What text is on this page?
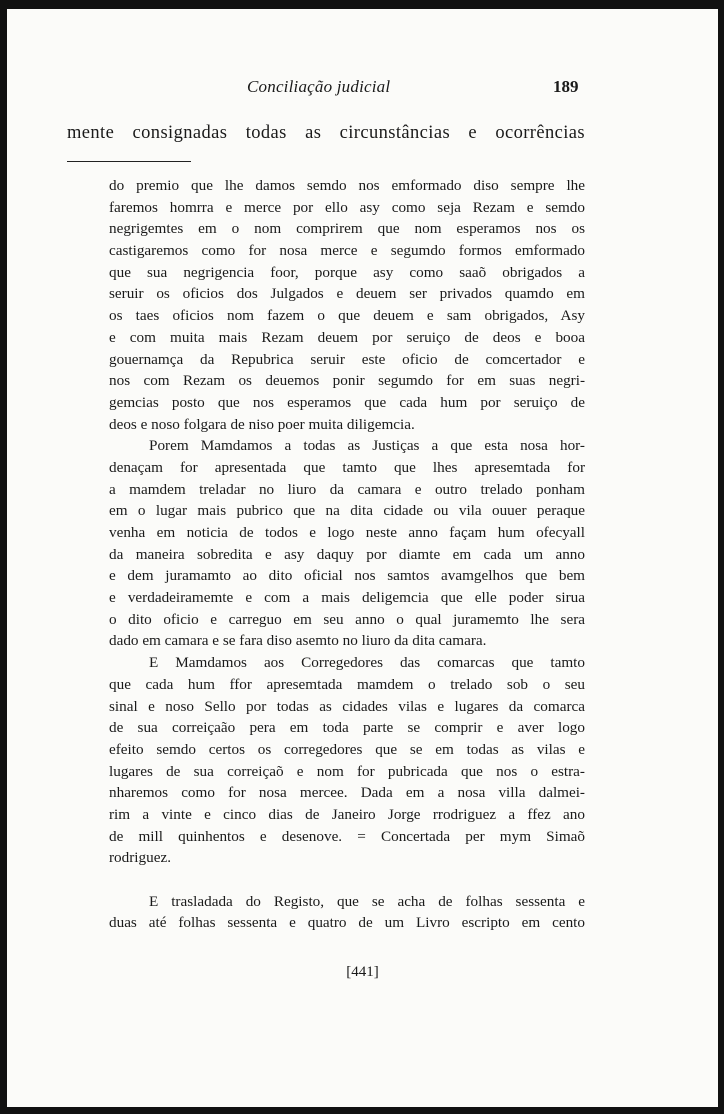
Conciliação judicial	189
mente consignadas todas as circunstâncias e ocorrências

do premio que lhe damos semdo nos emformado diso sempre lhe
faremos homrra e merce por ello asy como seja Rezam e semdo
negrigemtes em o nom comprirem que nom esperamos nos os
castigaremos como for nosa merce e segumdo formos emformado
que sua negrigencia foor, porque asy como saaõ obrigados a
seruir os oficios dos Julgados e deuem ser privados quamdo em
os taes oficios nom fazem o que deuem e sam obrigados, Asy
e com muita mais Rezam deuem por seruiço de deos e booa
gouernamça da Repubrica seruir este oficio de comcertador e
nos com Rezam os deuemos ponir segumdo for em suas negri-
gemcias posto que nos esperamos que cada hum por seruiço de
deos e noso folgara de niso poer muita diligemcia.

Porem Mamdamos a todas as Justiças a que esta nosa hor-
denaçam for apresentada que tamto que lhes apresemtada for
a mamdem treladar no liuro da camara e outro trelado ponham
em o lugar mais pubrico que na dita cidade ou vila ouuer peraque
venha em noticia de todos e logo neste anno façam hum ofecyall
da maneira sobredita e asy daquy por diamte em cada um anno
e dem juramamto ao dito oficial nos samtos avamgelhos que bem
e verdadeiramemte e com a mais deligemcia que elle poder sirua
o dito oficio e carreguo em seu anno o qual juramemto lhe sera
dado em camara e se fara diso asemto no liuro da dita camara.

E Mamdamos aos Corregedores das comarcas que tamto
que cada hum ffor apresemtada mamdem o trelado sob o seu
sinal e noso Sello por todas as cidades vilas e lugares da comarca
de sua correiçaão pera em toda parte se comprir e aver logo
efeito semdo certos os corregedores que se em todas as vilas e
lugares de sua correiçaõ e nom for pubricada que nos o estra-
nharemos como for nosa mercee. Dada em a nosa villa dalmei-
rim a vinte e cinco dias de Janeiro Jorge rrodriguez a ffez ano
de mill quinhentos e desenove. = Concertada per mym Simaõ
rodriguez.

E trasladada do Registo, que se acha de folhas sessenta e
duas até folhas sessenta e quatro de um Livro escripto em cento

[441]
